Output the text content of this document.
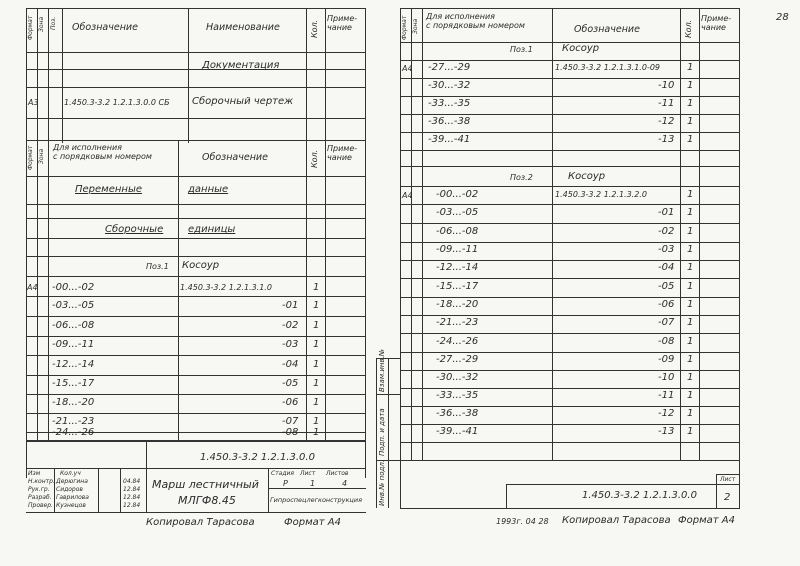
Формат Зона Поз. Обозначение	Наименование	Кол.
Приме-
чание
Документация
А3	1.450.3-3.2 1.2.1.3.0.0 СБ Сборочный чертеж
Формат Зона
Для исполнения
с порядковым номером	Обозначение	Кол.
Приме-
чание
Переменные	данные
Сборочные единицы
Поз.1 Косоур
А4 -00...-02	1.450.3-3.2 1.2.1.3.1.0	1
-03...-05	-01 1
-06...-08	-02 1
-09...-11	-03 1
-12...-14	-04 1
-15...-17	-05 1
-18...-20	-06 1
-21...-23	-07 1
-24...-26	-08 1
1.450.3-3.2 1.2.1.3.0.0
Марш лестничный
МЛГФ8.45
Стадия Лист Листов
Р	1	4
Гипроспецлегконструкция
Изм	Кол.уч
Н.контр. Дерюгина
Рук.гр. Сидоров
Разраб. Гаврилова
Провер. Кузнецов
04.84
12.84
12.84
12.84
Копировал Тарасова	Формат А4
28
Формат Зона
Для исполнения
с порядковым номером	Обозначение	Кол.
Приме-
чание
Поз.1	Косоур
А4 -27...-29	1.450.3-3.2 1.2.1.3.1.0-09	1
-30...-32	-10 1
-33...-35	-11 1
-36...-38	-12 1
-39...-41	-13 1
Поз.2	Косоур
А4 -00...-02	1.450.3-3.2 1.2.1.3.2.0	1
-03...-05	-01 1
-06...-08	-02 1
-09...-11	-03 1
-12...-14	-04 1
-15...-17	-05 1
-18...-20	-06 1
-21...-23	-07 1
-24...-26	-08 1
-27...-29	-09 1
-30...-32	-10 1
-33...-35	-11 1
-36...-38	-12 1
-39...-41	-13 1
Инв.№ подл.
Подп. и дата
Взам.инв.№
1.450.3-3.2 1.2.1.3.0.0
Лист
2
1993г. 04 28 Копировал Тарасова Формат А4
